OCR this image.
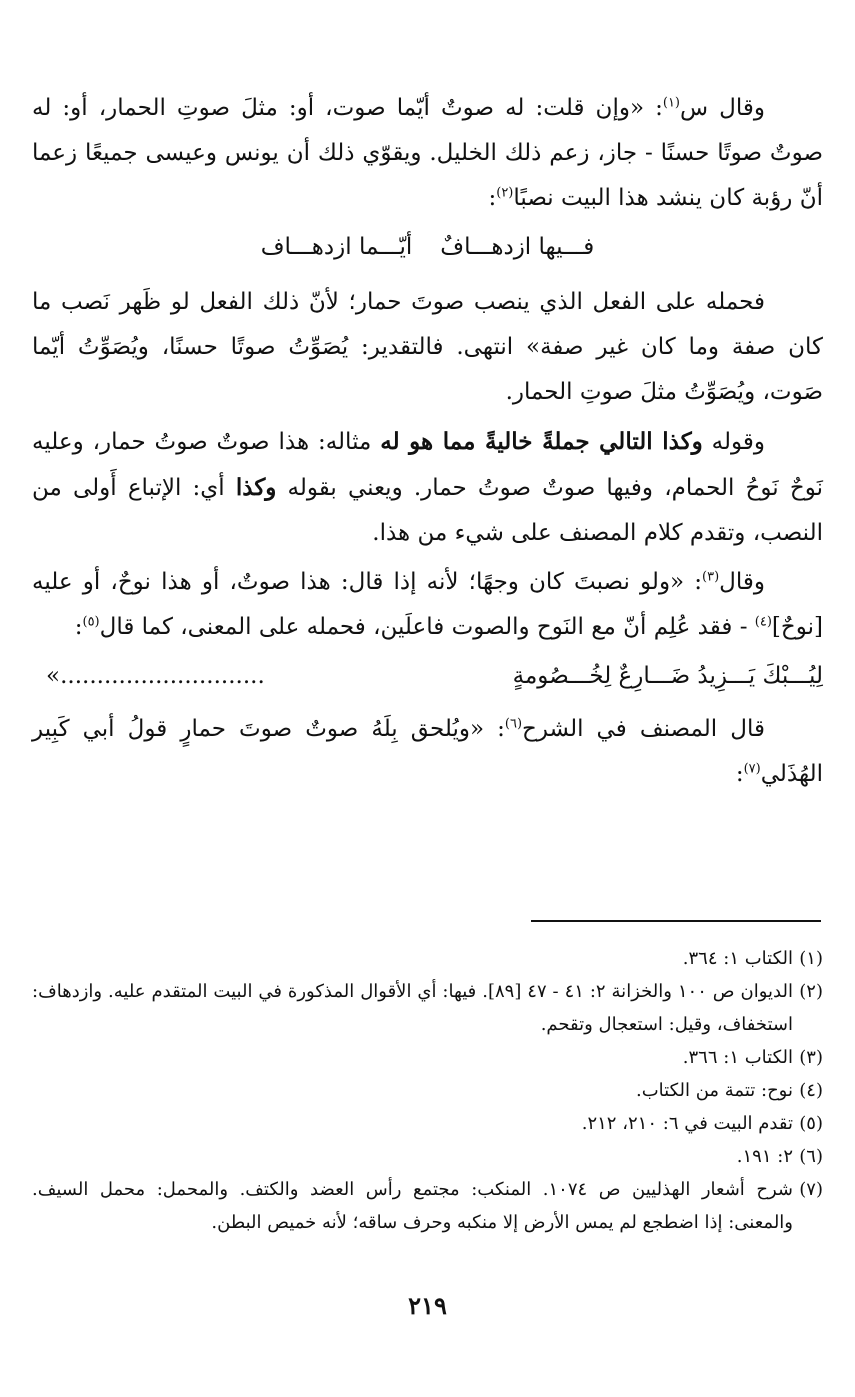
وقال س$^{(١)}$: «وإن قلت: له صوتٌ أيّما صوت، أو: مثلَ صوتِ الحمار، أو: له صوتٌ صوتًا حسنًا - جاز، زعم ذلك الخليل. ويقوّي ذلك أن يونس وعيسى جميعًا زعما أنّ رؤبة كان ينشد هذا البيت نصبًا$^{(٢)}$:

فـــيها ازدهـــافٌأيّـــما ازدهـــاف

فحمله على الفعل الذي ينصب صوتَ حمار؛ لأنّ ذلك الفعل لو ظَهر نَصب ما كان صفة وما كان غير صفة» انتهى. فالتقدير: يُصَوِّتُ صوتًا حسنًا، ويُصَوِّتُ أيّما صَوت، ويُصَوِّتُ مثلَ صوتِ الحمار.

وقوله وكذا التالي جملةً خاليةً مما هو له مثاله: هذا صوتٌ صوتُ حمار، وعليه نَوحٌ نَوحُ الحمام، وفيها صوتٌ صوتُ حمار. ويعني بقوله وكذا أي: الإتباع أَولى من النصب، وتقدم كلام المصنف على شيء من هذا.

وقال$^{(٣)}$: «ولو نصبتَ كان وجهًا؛ لأنه إذا قال: هذا صوتٌ، أو هذا نوحٌ، أو عليه [نوحٌ]$^{(٤)}$ - فقد عُلِم أنّ مع النَوح والصوت فاعلَين، فحمله على المعنى، كما قال$^{(٥)}$:

لِيُـــبْكَ يَـــزِيدُ ضَـــارِعٌ لِخُـــصُومةٍ
............................»

قال المصنف في الشرح$^{(٦)}$: «ويُلحق بِلَهُ صوتٌ صوتَ حمارٍ قولُ أبي كَبِير الهُذَلي$^{(٧)}$:

(١)الكتاب ١: ٣٦٤.

(٢)الديوان ص ١٠٠ والخزانة ٢: ٤١ - ٤٧ [٨٩]. فيها: أي الأقوال المذكورة في البيت المتقدم عليه. وازدهاف: استخفاف، وقيل: استعجال وتقحم.

(٣)الكتاب ١: ٣٦٦.

(٤)نوح: تتمة من الكتاب.

(٥)تقدم البيت في ٦: ٢١٠، ٢١٢.

(٦)٢: ١٩١.

(٧)شرح أشعار الهذليين ص ١٠٧٤. المنكب: مجتمع رأس العضد والكتف. والمحمل: محمل السيف. والمعنى: إذا اضطجع لم يمس الأرض إلا منكبه وحرف ساقه؛ لأنه خميص البطن.

٢١٩
